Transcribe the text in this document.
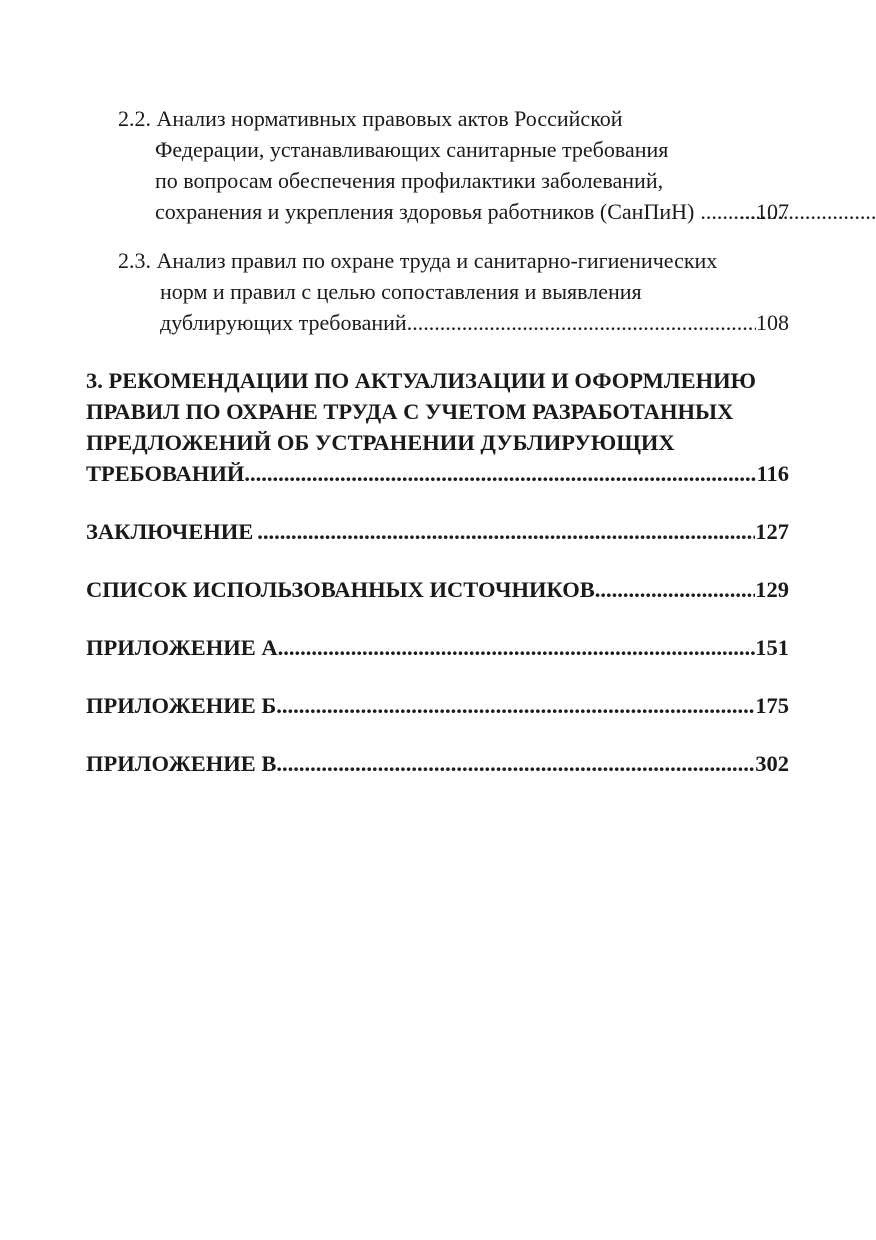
2.2. Анализ нормативных правовых актов Российской
Федерации, устанавливающих санитарные требования
по вопросам обеспечения профилактики заболеваний,
сохранения и укрепления здоровья работников (СанПиН) .....	...107
2.3. Анализ правил по охране труда и санитарно-гигиенических
норм и правил с целью сопоставления и выявления
дублирующих требований .....	108
3. РЕКОМЕНДАЦИИ ПО АКТУАЛИЗАЦИИ И ОФОРМЛЕНИЮ
ПРАВИЛ ПО ОХРАНЕ ТРУДА С УЧЕТОМ РАЗРАБОТАННЫХ
ПРЕДЛОЖЕНИЙ ОБ УСТРАНЕНИИ ДУБЛИРУЮЩИХ
ТРЕБОВАНИЙ .....	116
ЗАКЛЮЧЕНИЕ .....	127
СПИСОК ИСПОЛЬЗОВАННЫХ ИСТОЧНИКОВ .....	129
ПРИЛОЖЕНИЕ А .....	151
ПРИЛОЖЕНИЕ Б .....	175
ПРИЛОЖЕНИЕ В .....	302
